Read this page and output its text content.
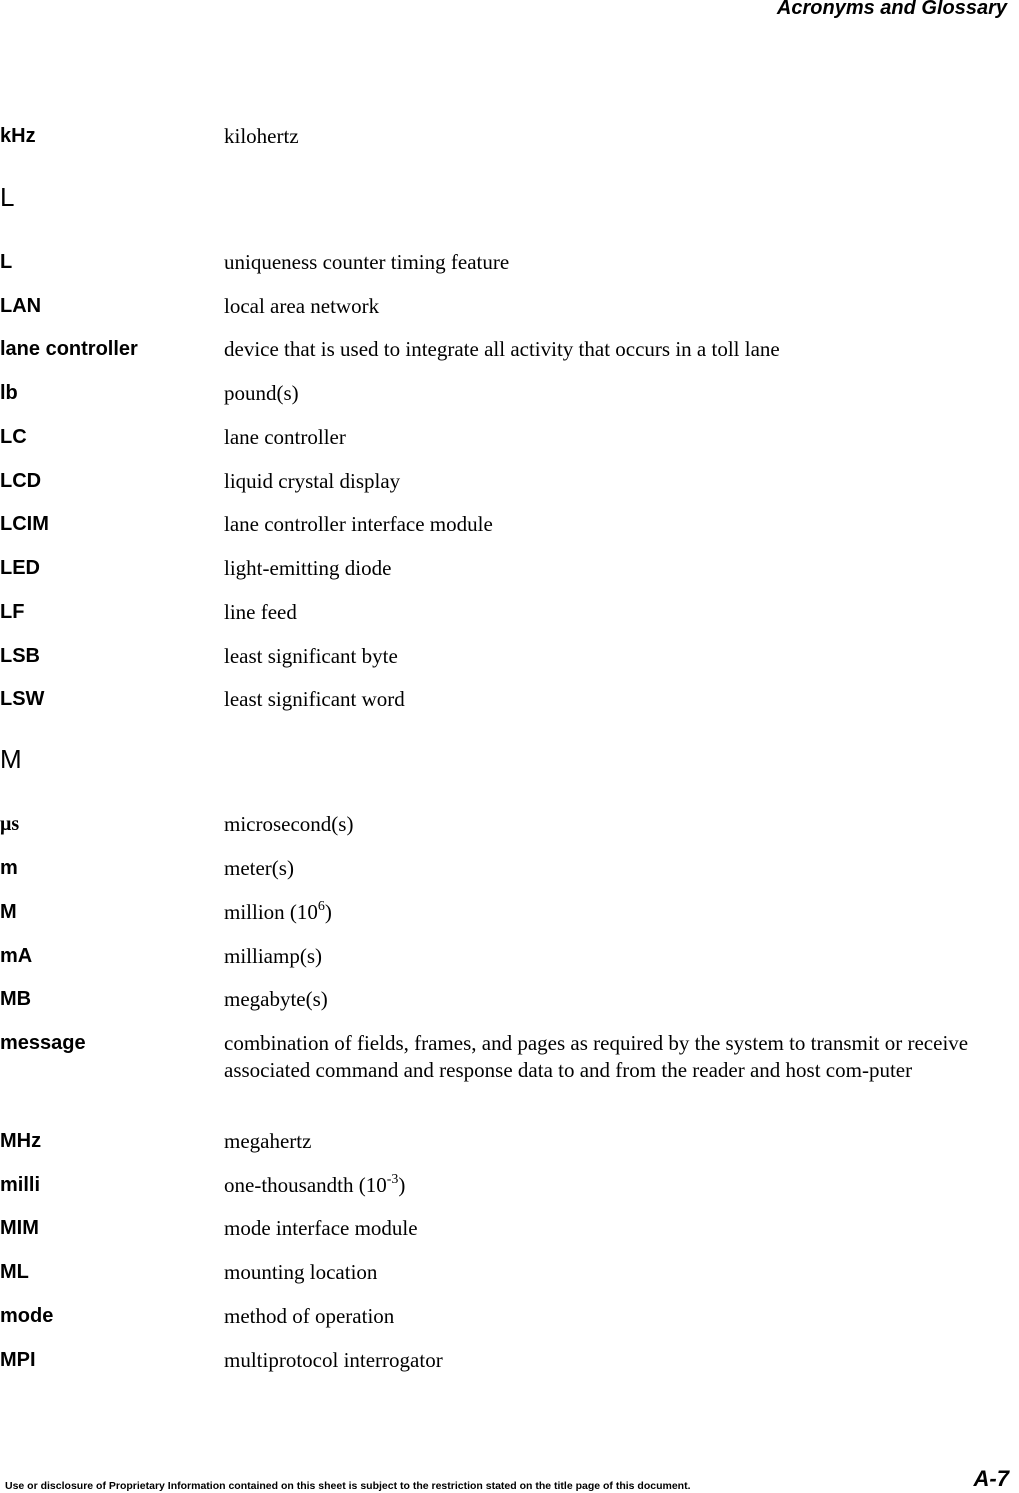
Acronyms and Glossary
kHz	kilohertz
L
L	uniqueness counter timing feature
LAN	local area network
lane controller	device that is used to integrate all activity that occurs in a toll lane
lb	pound(s)
LC	lane controller
LCD	liquid crystal display
LCIM	lane controller interface module
LED	light-emitting diode
LF	line feed
LSB	least significant byte
LSW	least significant word
M
μs	microsecond(s)
m	meter(s)
M	million $(10^6)$
mA	milliamp(s)
MB	megabyte(s)
message	combination of fields, frames, and pages as required by the system to transmit or receive associated command and response data to and from the reader and host com-puter
MHz	megahertz
milli	one-thousandth $(10^{-3})$
MIM	mode interface module
ML	mounting location
mode	method of operation
MPI	multiprotocol interrogator
Use or disclosure of Proprietary Information contained on this sheet is subject to the restriction stated on the title page of this document.	A-7
